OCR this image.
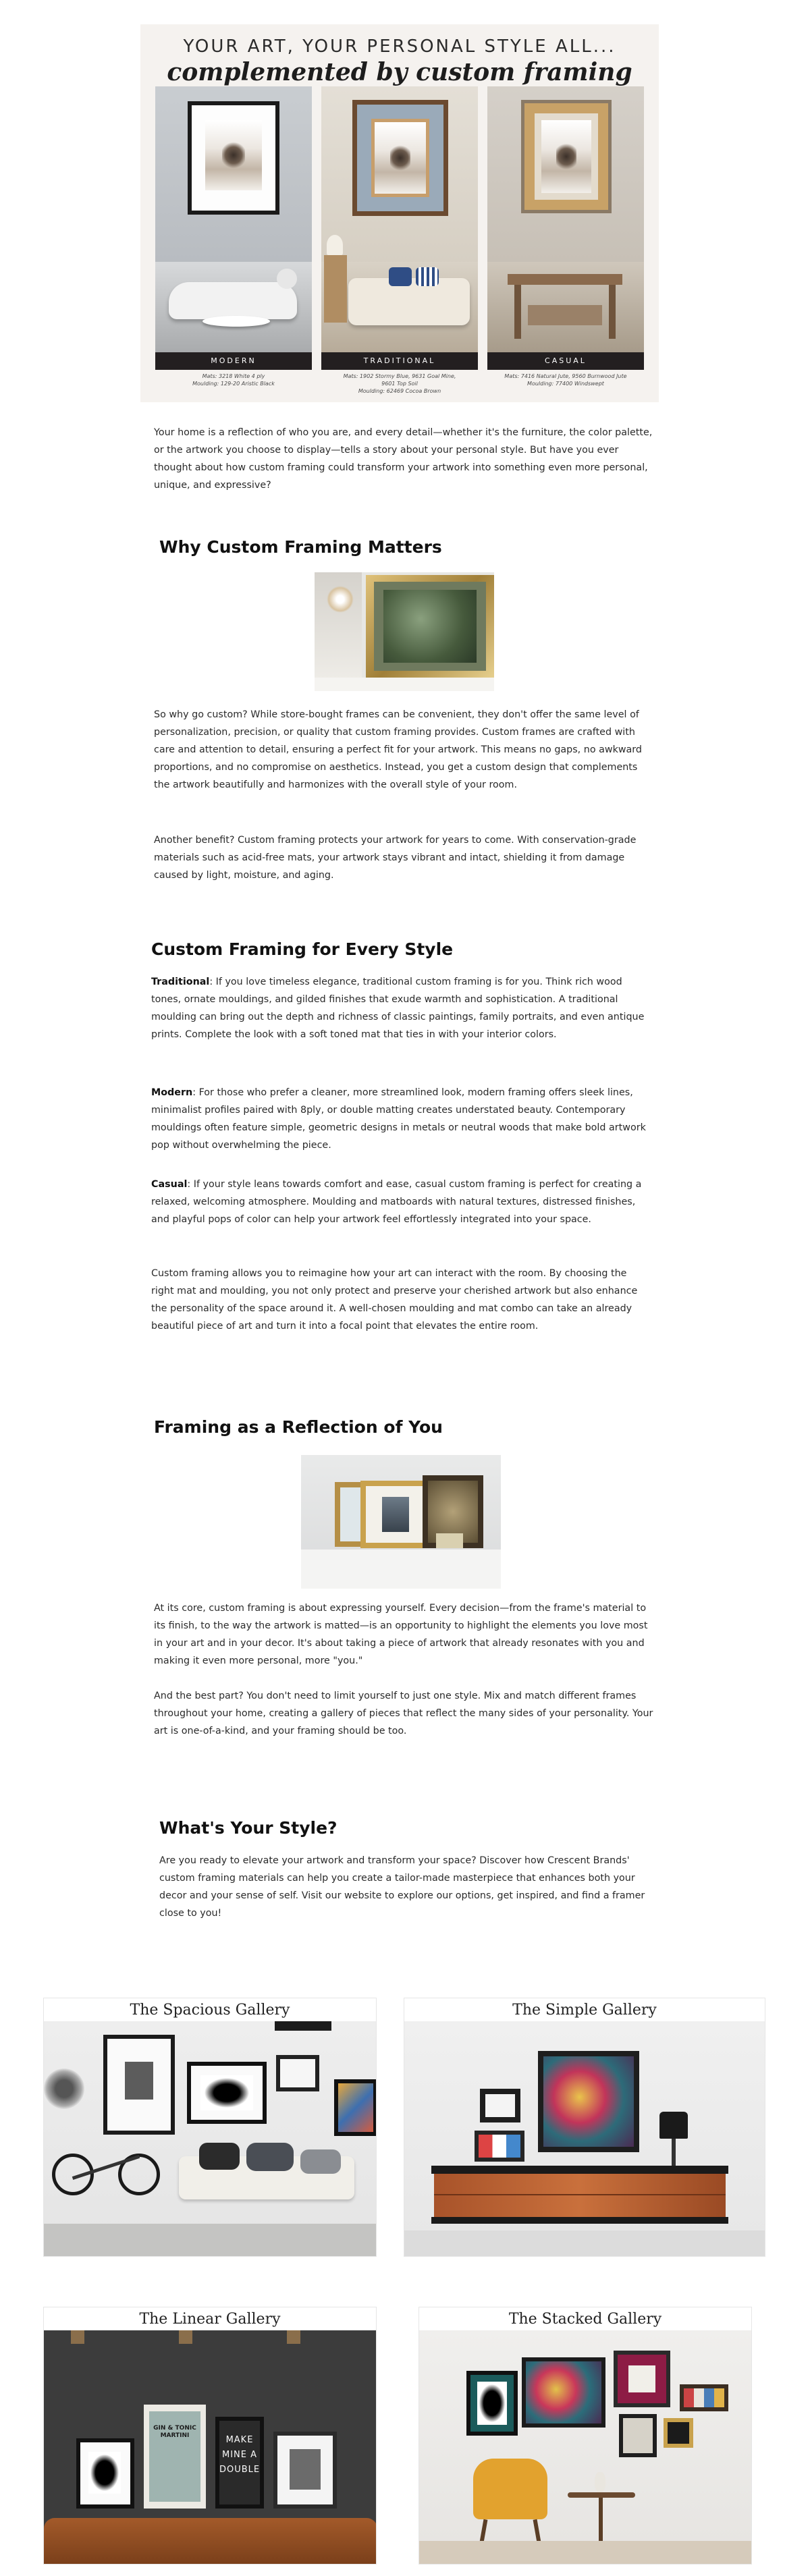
YOUR ART, YOUR PERSONAL STYLE ALL...
complemented by custom framing
MODERN
Mats: 3218 White 4 ply
Moulding: 129-20 Aristic Black
TRADITIONAL
Mats: 1902 Stormy Blue, 9631 Goal Mine,
9601 Top Soil
Moulding: 62469 Cocoa Brown
CASUAL
Mats: 7416 Natural Jute, 9560 Burnwood Jute
Moulding: 77400 Windswept

Your home is a reflection of who you are, and every detail—whether it's the furniture, the color palette, or the artwork you choose to display—tells a story about your personal style. But have you ever thought about how custom framing could transform your artwork into something even more personal, unique, and expressive?

Why Custom Framing Matters

So why go custom? While store-bought frames can be convenient, they don't offer the same level of personalization, precision, or quality that custom framing provides. Custom frames are crafted with care and attention to detail, ensuring a perfect fit for your artwork. This means no gaps, no awkward proportions, and no compromise on aesthetics. Instead, you get a custom design that complements the artwork beautifully and harmonizes with the overall style of your room.

Another benefit? Custom framing protects your artwork for years to come. With conservation-grade materials such as acid-free mats, your artwork stays vibrant and intact, shielding it from damage caused by light, moisture, and aging.

Custom Framing for Every Style

Traditional: If you love timeless elegance, traditional custom framing is for you. Think rich wood tones, ornate mouldings, and gilded finishes that exude warmth and sophistication. A traditional moulding can bring out the depth and richness of classic paintings, family portraits, and even antique prints. Complete the look with a soft toned mat that ties in with your interior colors.

Modern: For those who prefer a cleaner, more streamlined look, modern framing offers sleek lines, minimalist profiles paired with 8ply, or double matting creates understated beauty. Contemporary mouldings often feature simple, geometric designs in metals or neutral woods that make bold artwork pop without overwhelming the piece.

Casual: If your style leans towards comfort and ease, casual custom framing is perfect for creating a relaxed, welcoming atmosphere. Moulding and matboards with natural textures, distressed finishes, and playful pops of color can help your artwork feel effortlessly integrated into your space.

Custom framing allows you to reimagine how your art can interact with the room. By choosing the right mat and moulding, you not only protect and preserve your cherished artwork but also enhance the personality of the space around it. A well-chosen moulding and mat combo can take an already beautiful piece of art and turn it into a focal point that elevates the entire room.

Framing as a Reflection of You

At its core, custom framing is about expressing yourself. Every decision—from the frame's material to its finish, to the way the artwork is matted—is an opportunity to highlight the elements you love most in your art and in your decor. It's about taking a piece of artwork that already resonates with you and making it even more personal, more "you."

And the best part? You don't need to limit yourself to just one style. Mix and match different frames throughout your home, creating a gallery of pieces that reflect the many sides of your personality. Your art is one-of-a-kind, and your framing should be too.

What's Your Style?

Are you ready to elevate your artwork and transform your space? Discover how Crescent Brands' custom framing materials can help you create a tailor-made masterpiece that enhances both your decor and your sense of self. Visit our website to explore our options, get inspired, and find a framer close to you!

The Spacious Gallery	The Simple Gallery
The Linear Gallery
GIN & TONIC MARTINI	MAKE MINE A DOUBLE
The Stacked Gallery
